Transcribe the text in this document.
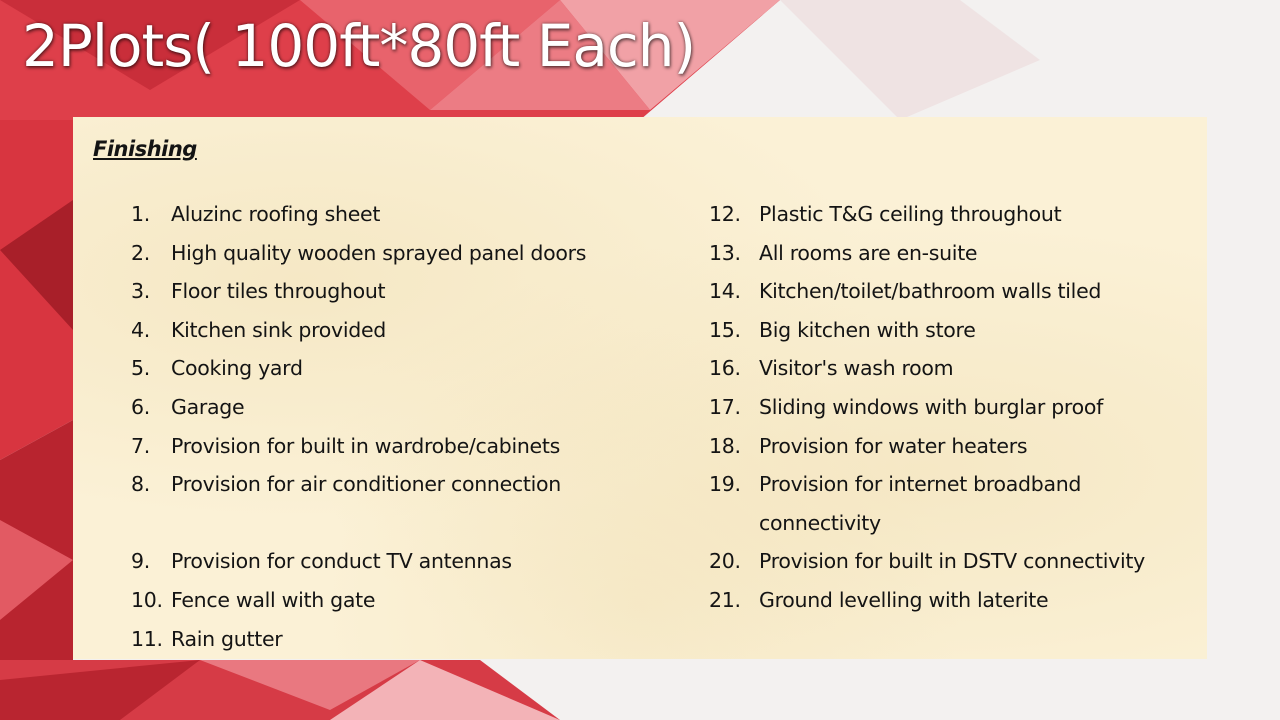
2Plots( 100ft*80ft Each)
Finishing
1.	Aluzinc roofing sheet
2.	High quality wooden sprayed panel doors
3.	Floor tiles throughout
4.	Kitchen sink provided
5.	Cooking yard
6.	Garage
7.	Provision for built in wardrobe/cabinets
8.	Provision for air conditioner connection
9.	Provision for conduct TV antennas
10. Fence wall with gate
11. Rain gutter
12. Plastic T&G ceiling throughout
13. All rooms are en-suite
14. Kitchen/toilet/bathroom walls tiled
15. Big kitchen with store
16. Visitor's wash room
17. Sliding windows with burglar proof
18. Provision for water heaters
19. Provision for internet broadband connectivity
20. Provision for built in DSTV connectivity
21. Ground levelling with laterite
